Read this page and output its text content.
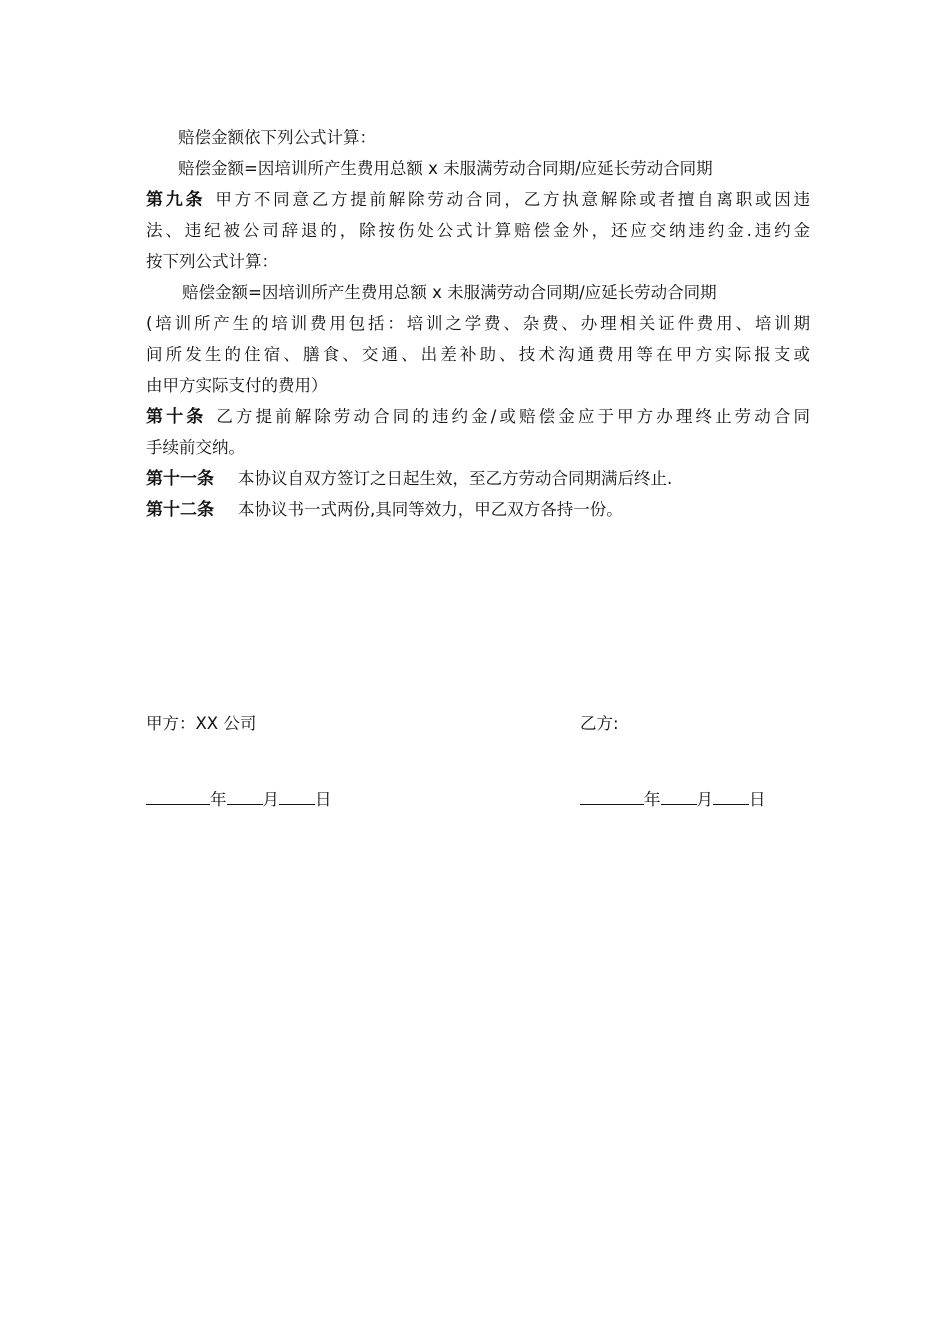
赔偿金额依下列公式计算：
赔偿金额=因培训所产生费用总额 x 未服满劳动合同期/应延长劳动合同期
第九条 甲方不同意乙方提前解除劳动合同，乙方执意解除或者擅自离职或因违
法、违纪被公司辞退的，除按伤处公式计算赔偿金外，还应交纳违约金.违约金
按下列公式计算：
赔偿金额=因培训所产生费用总额 x 未服满劳动合同期/应延长劳动合同期
(培训所产生的培训费用包括：培训之学费、杂费、办理相关证件费用、培训期
间所发生的住宿、膳食、交通、出差补助、技术沟通费用等在甲方实际报支或
由甲方实际支付的费用）
第十条 乙方提前解除劳动合同的违约金/或赔偿金应于甲方办理终止劳动合同
手续前交纳。
第十一条 本协议自双方签订之日起生效，至乙方劳动合同期满后终止.
第十二条 本协议书一式两份,具同等效力，甲乙双方各持一份。
甲方：XX 公司	乙方:
年 月 日	年 月 日
